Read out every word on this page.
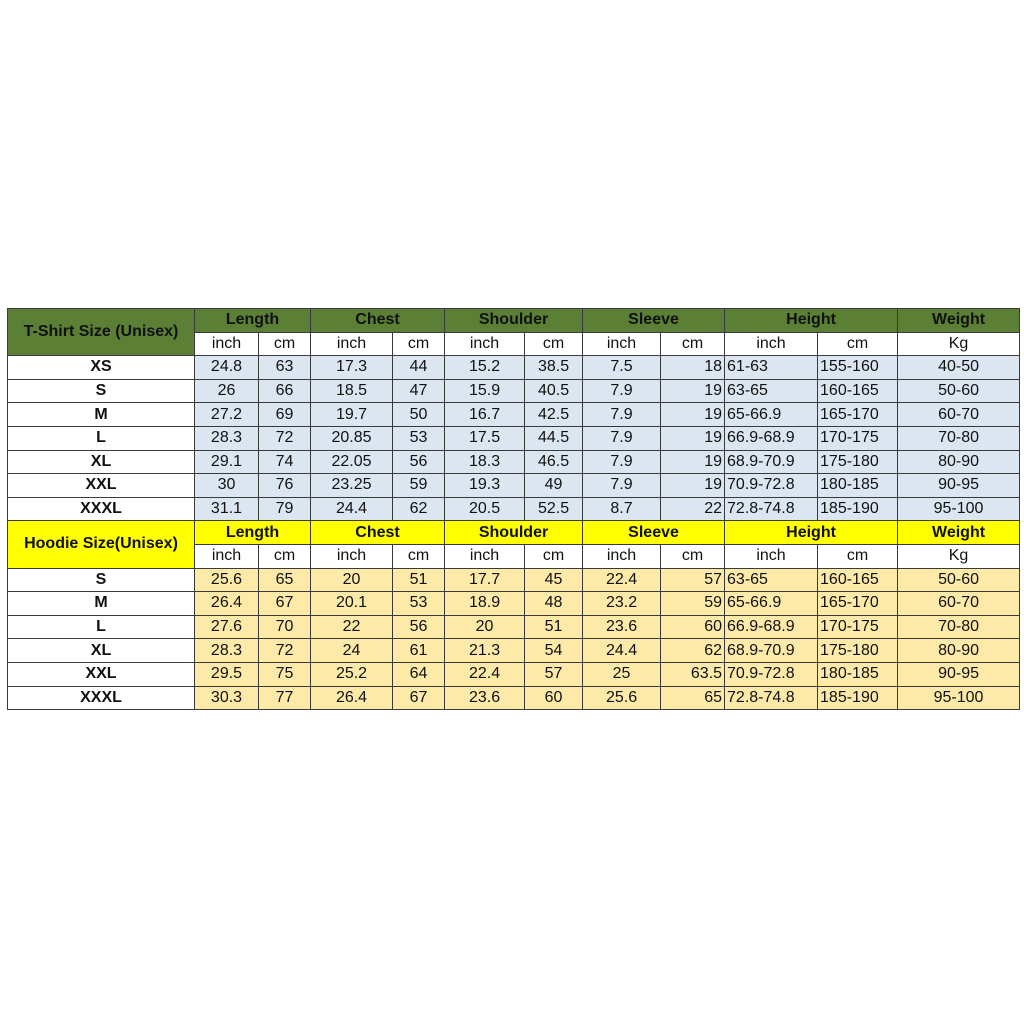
T-Shirt Size (Unisex)	Length		Chest		Shoulder		Sleeve		Height		Weight
	inch	cm	inch	cm	inch	cm	inch	cm	inch	cm	Kg
XS	24.8	63	17.3	44	15.2	38.5	7.5	18	61-63	155-160	40-50
S	26	66	18.5	47	15.9	40.5	7.9	19	63-65	160-165	50-60
M	27.2	69	19.7	50	16.7	42.5	7.9	19	65-66.9	165-170	60-70
L	28.3	72	20.85	53	17.5	44.5	7.9	19	66.9-68.9	170-175	70-80
XL	29.1	74	22.05	56	18.3	46.5	7.9	19	68.9-70.9	175-180	80-90
XXL	30	76	23.25	59	19.3	49	7.9	19	70.9-72.8	180-185	90-95
XXXL	31.1	79	24.4	62	20.5	52.5	8.7	22	72.8-74.8	185-190	95-100
Hoodie Size(Unisex)	Length		Chest		Shoulder		Sleeve		Height		Weight
	inch	cm	inch	cm	inch	cm	inch	cm	inch	cm	Kg
S	25.6	65	20	51	17.7	45	22.4	57	63-65	160-165	50-60
M	26.4	67	20.1	53	18.9	48	23.2	59	65-66.9	165-170	60-70
L	27.6	70	22	56	20	51	23.6	60	66.9-68.9	170-175	70-80
XL	28.3	72	24	61	21.3	54	24.4	62	68.9-70.9	175-180	80-90
XXL	29.5	75	25.2	64	22.4	57	25	63.5	70.9-72.8	180-185	90-95
XXXL	30.3	77	26.4	67	23.6	60	25.6	65	72.8-74.8	185-190	95-100
